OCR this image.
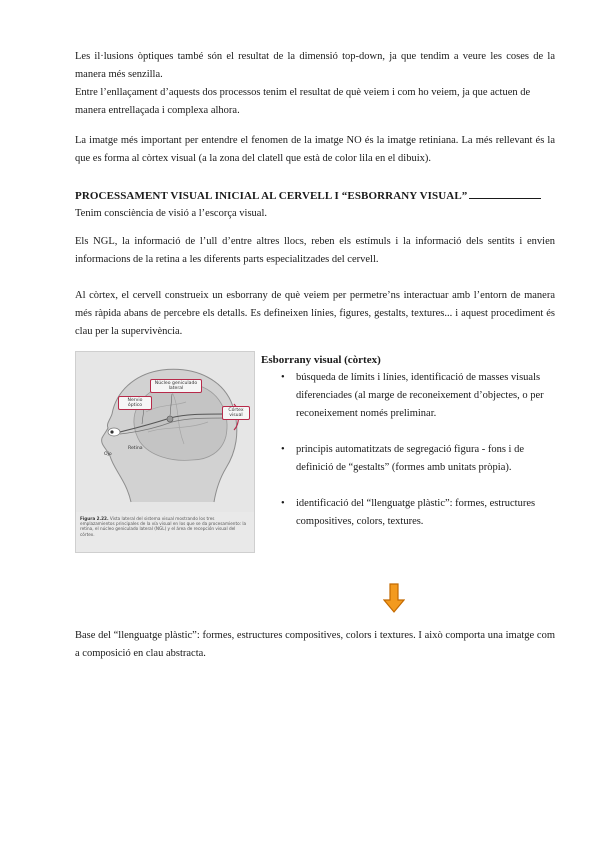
Les il·lusions òptiques també són el resultat de la dimensió top-down, ja que tendim a veure les coses de la manera més senzilla.

Entre l’enllaçament d’aquests dos processos tenim el resultat de què veiem i com ho veiem, ja que actuen de manera entrellaçada i complexa alhora.

La imatge més important per entendre el fenomen de la imatge NO és la imatge retiniana. La més rellevant és la que es forma al còrtex visual (a la zona del clatell que està de color lila en el dibuix).

PROCESSAMENT VISUAL INICIAL AL CERVELL I “ESBORRANY VISUAL”

Tenim consciència de visió a l’escorça visual.

Els NGL, la informació de l’ull d’entre altres llocs, reben els estímuls i la informació dels sentits i envien informacions de la retina a les diferents parts especialitzades del cervell.

Al còrtex, el cervell construeix un esborrany de què veiem per permetre’ns interactuar amb l’entorn de manera més ràpida abans de percebre els detalls. Es defineixen línies, figures, gestalts, textures... i aquest procediment és clau per la supervivència.

Núcleo geniculado lateral
Nervio óptico
Córtex visual
Ojo
Retina
Figura 2.22. Vista lateral del sistema visual mostrando los tres emplazamientos principales de la vía visual en los que se da procesamiento: la retina, el núcleo geniculado lateral (NGL) y el área de recepción visual del córtex.

Esborrany visual (còrtex)

• búsqueda de límits i línies, identificació de masses visuals diferenciades (al marge de reconeixement d’objectes, o per reconeixement només preliminar.
• principis automatitzats de segregació figura - fons i de definició de “gestalts” (formes amb unitats pròpia).
• identificació del “llenguatge plàstic”: formes, estructures compositives, colors, textures.

Base del “llenguatge plàstic”: formes, estructures compositives, colors i textures. I això comporta una imatge com a composició en clau abstracta.
